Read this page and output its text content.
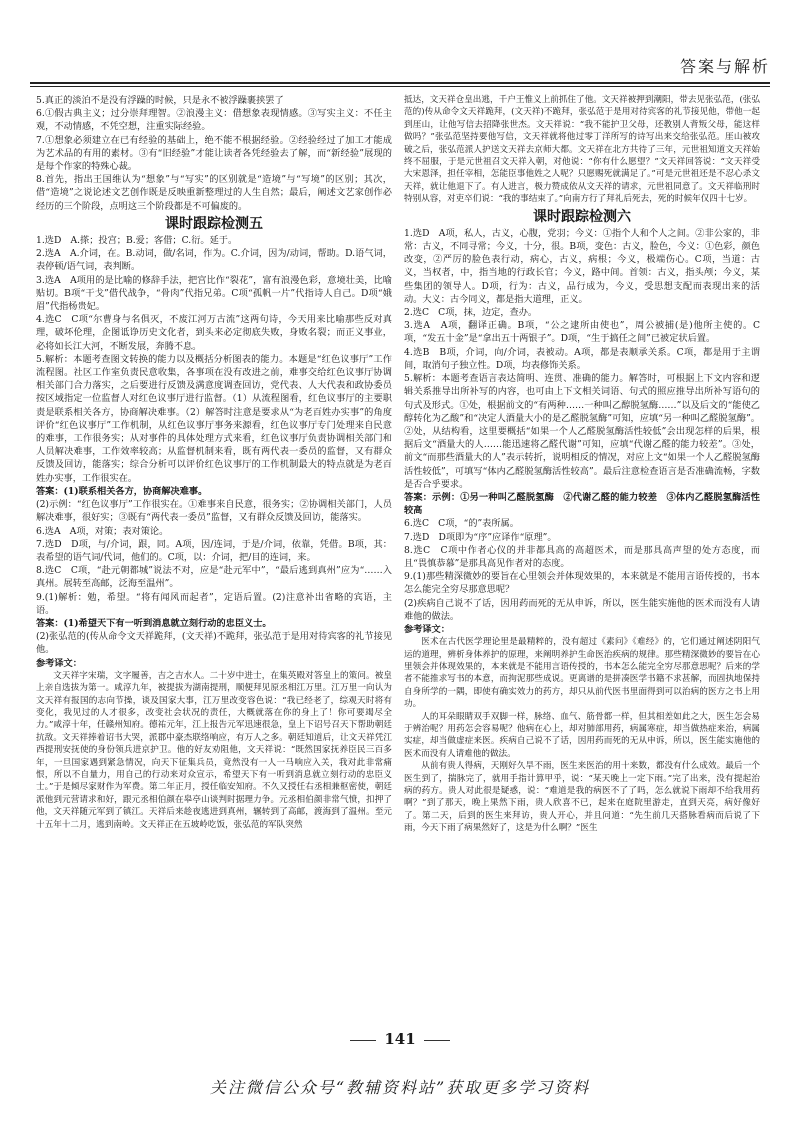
答案与解析

5.真正的淡泊不是没有浮躁的时候，只是永不被浮躁裹挟罢了

6.①假古典主义；过分崇拜理智。②浪漫主义：借想象表现情感。③写实主义：不任主观，不动情感，不凭空想，注重实际经验。

7.①想象必须建立在已有经验的基础上，绝不能不根据经验。②经验经过了加工才能成为艺术品的有用的素材。③有“旧经验”才能让读者各凭经验去了解，而“新经验”展现的是每个作家的特殊心裁。

8.首先，指出王国维认为“想象”与“写实”的区别就是“造境”与“写境”的区别；其次，借“造境”之说论述文艺创作既是反映重新整理过的人生自然；最后，阐述文艺家创作必经历的三个阶段，点明这三个阶段都是不可偏废的。

课时跟踪检测五

1.选D　A.搽；投宫；B.爱；客借；C.衍。延于。

2.选A　A.介词，在。B.动词，做/名词，作为。C.介词，因为/动词，帮助。D.语气词，表停顿/语气词，表判断。

3.选A　A项用的是比喻的修辞手法，把宫比作“裂花”，富有浪漫色彩，意境壮美，比喻贴切。B项“干戈”借代战争，“骨肉”代指兄弟。C项“孤帆一片”代指诗人自己。D项“娥眉”代指杨贵妃。

4.选C　C项“尔曹身与名俱灭，不废江河万古流”这两句诗，今天用来比喻那些反对真理，破坏伦理，企图诋诤历史文化者，到头来必定彻底失败，身败名裂；而正义事业，必将如长江大河，不断发展，奔腾不息。

5.解析：本题考查图文转换的能力以及概括分析图表的能力。本题是“红色议事厅”工作流程图。社区工作室负责民意收集，各事项在没有改进之前，难事交给红色议事厅协调相关部门合力落实，之后要进行反馈及满意度调查回访，党代表、人大代表和政协委员按区域指定一位监督人对红色议事厅进行监督。（1）从流程图看，红色议事厅的主要职责是联系相关各方，协商解决难事。（2）解答时注意是要求从“为老百姓办实事”的角度评价“红色议事厅”工作机制，从红色议事厅事务来源看，红色议事厅专门处理来自民意的难事，工作很务实；从对事件的具体处理方式来看，红色议事厅负责协调相关部门和人员解决难事，工作效率较高；从监督机制来看，既有两代表一委员的监督，又有群众反馈及回访，能落实；综合分析可以评价红色议事厅的工作机制最大的特点就是为老百姓办实事，工作很实在。

答案：(1)联系相关各方，协商解决难事。

(2)示例：“红色议事厅”工作很实在。①难事来自民意，很务实；②协调相关部门，人员解决难事，很好实；③既有“两代表一委员”监督，又有群众反馈及回访，能落实。

6.选A　A项，对策；表对策论。

7.选D　D项，与/介词，跟，同。A项，因/连词，于是/介词，依靠，凭借。B项，其：表希望的语气词/代词，他们的。C项，以：介词，把/目的连词，来。

8.选C　C项，“赴元朝都城”说法不对，应是“赴元军中”，“最后逃到真州”应为“……入真州。展转至高邮，泛海至温州”。

9.(1)解析：勉，希望。“将有闻风而起者”，定语后置。(2)注意补出省略的宾语，主语。

答案：(1)希望天下有一听到消息就立刻行动的忠臣义士。

(2)张弘范的(传从命令文天祥跪拜，(文天祥)不跪拜，张弘范于是用对待宾客的礼节接见他。

参考译文：

文天祥字宋瑞，文字履善，吉之吉水人。二十岁中进士，在集英殿对答皇上的策问。被皇上亲自选拔为第一。咸淳九年，被提拔为湖南提刑，顺便拜见原丞相江万里。江万里一向认为文天祥有报国的志向节操，谈及国家大事，江万里改变容色说：“我已经老了，综观天时将有变化，我见过的人才很多，改变社会状况的责任，大概就落在你的身上了！你可要竭尽全力。”咸淳十年，任赣州知府。德祐元年，江上报告元军迅速很急，皇上下诏号召天下帮助朝廷抗敌。文天祥捧着诏书大哭，派郡中豪杰联络响应，有万人之多。朝廷知道后，让文天祥凭江西提刑安抚使的身份领兵进京护卫。他的好友劝阻他，文天祥说：“既然国家抚养臣民三百多年，一旦国家遇到紧急情况，向天下征集兵员，竟然没有一人一马响应入关，我对此非常痛恨，所以不自量力，用自己的行动来对众宣示，希望天下有一听到消息就立刻行动的忠臣义士。”于是倾尽家财作为军费。第二年正月，授任临安知府。不久又授任右丞相兼枢密使，朝廷派他到元营请求和好，跟元丞相伯颜在皋亭山谈判时据理力争。元丞相伯颜非常气愤，扣押了他，文天祥随元军到了镇江。天祥后来趁夜逃进到真州，辗转到了高邮，渡海到了温州。至元十五年十二月，逃到南岭。文天祥正在五坡岭吃饭，张弘范的军队突然

抵达，文天祥仓皇出逃，千户王惟义上前抓住了他。文天祥被押到潮阳，带去见张弘范，(张弘范的)传从命令文天祥跪拜，(文天祥)不跪拜，张弘范于是用对待宾客的礼节接见他，带他一起到厓山，让他写信去招降张世杰。文天祥说：“我不能护卫父母，还教别人背叛父母，能这样做吗？”张弘范坚持要他写信，文天祥就将他过零丁洋所写的诗写出来交给张弘范。厓山被攻破之后，张弘范派人护送文天祥去京师大都。文天祥在北方共待了三年，元世祖知道文天祥始终不屈服，于是元世祖召文天祥入朝，对他说：“你有什么愿望？”文天祥回答说：“文天祥受大宋恩泽，担任宰相，怎能臣事他姓之人呢？只愿赐死就满足了。”可是元世祖还是不忍心杀文天祥，就让他退下了。有人进言，极力赞成依从文天祥的请求，元世祖同意了。文天祥临刑时特别从容，对吏卒们说：“我的事结束了。”向南方行了拜礼后死去，死的时候年仅四十七岁。

课时跟踪检测六

1.选D　A项，私人，古义，心腹，党羽；今义：①指个人和个人之间。②非公家的，非常：古义，不同寻常；今义，十分，很。B项，变色：古义，脸色，今义：①色彩，颜色改变，②严厉的脸色表行动，病心，古义，病根；今义，极端伤心。C项，当道：古义，当权者，中，指当地的行政长官；今义，路中间。首领：古义，指头颅；今义，某些集团的领导人。D项，行为：古义，品行成为，今义，受思想支配而表现出来的活动。大义：古今同义，都是指大道理，正义。

2.选C　C项，抹，边定，查办。

3.选A　A项，翻译正确。B项，“公之逮所由使也”，周公被捕(是)他所主使的。C项，“发五十金”是“拿出五十两银子”。D项，“生于搞任之间”已被定状后置。

4.选B　B项，介词，向/介词，表被动。A项，都是表顺承关系。C项，都是用于主谓间，取消句子独立性。D项，均表修饰关系。

5.解析：本题考查语言表达简明、连贯、准确的能力。解答时，可根据上下文内容和逻辑关系推导出所补写的内容，也可由上下文相关词语、句式的照应推导出所补写语句的句式及形式。①处，根据前文的“有两种……一种叫乙醇脱氢酶……”以及后文的“能使乙醇转化为乙酸”和“决定人酒量大小的是乙醛脱氢酶”可知，应填“另一种叫乙醛脱氢酶”。②处，从结构看，这里要概括“如果一个人乙醛脱氢酶活性较低”会出现怎样的后果，根据后文“酒量大的人……能迅速将乙醛代谢”可知，应填“代谢乙醛的能力较差”。③处，前文“而那些酒量大的人”表示转折，说明相反的情况，对应上文“如果一个人乙醛脱氢酶活性较低”，可填写“体内乙醛脱氢酶活性较高”。最后注意检查语言是否准确流畅，字数是否合乎要求。

答案：示例：①另一种叫乙醛脱氢酶　②代谢乙醛的能力较差　③体内乙醛脱氢酶活性较高

6.选C　C项，“的”表所属。

7.选D　D项即为“序”应译作“原理”。

8.选C　C项中作者心仪的并非都具高的高超医术，而是那具高声望的处方态度，而且“畏慎恭慕”是那具高见作者对的态度。

9.(1)那些精深微妙的要旨在心里领会并体现效果的，本来就是不能用言语传授的，书本怎么能完全穷尽那意思呢？

(2)疾病自己说不了话，因用药而死的无从申诉，所以，医生能实施他的医术而没有人请难他的做法。

参考译文：

医术在古代医学理论里是最精粹的，没有超过《素问》《难经》的，它们通过阐述阴阳气运的道理，辨析身体养护的原理，来阐明养护生命医治疾病的规律。那些精深微妙的要旨在心里领会并体现效果的，本来就是不能用言语传授的，书本怎么能完全穷尽那意思呢？后来的学者不能推求写书的本意，而拘泥那些成说。更离谱的是拼凑医学书籍不求甚解，而固执地保持自身所学的一隅，即使有确实效力的药方，却只从前代医书里面得到可以治病的医方之书上用功。

人的耳朵眼睛双手双脚一样，脉络、血气、筋骨都一样，但其相差如此之大，医生怎会易于辨治呢？用药怎会容易呢？他病在心上，却对肺部用药，病属寒症，却当做热症来治，病属实症，却当做虚症来医。疾病自己说不了话，因用药而死的无从申诉，所以，医生能实施他的医术而没有人请难他的做法。

从前有贵人得病，天刚好久旱不雨，医生来医治的用十来数，都没有什么成效。最后一个医生到了，揣脉完了，就用手指计算甲乎，说：“某天晚上一定下雨。”完了出来，没有提起治病的药方。贵人对此很是疑惑，说：“难道是我的病医不了了吗，怎么就说下雨却不给我用药啊？”到了那天，晚上果然下雨，贵人欣喜不已，起来在庭院里游走，直到天亮，病好像好了。第二天，后到的医生来拜访，贵人开心，并且问道：“先生前几天搭脉看病而后说了下雨，今天下雨了病果然好了，这是为什么啊？”医生

141
关注微信公众号“教辅资料站”获取更多学习资料
